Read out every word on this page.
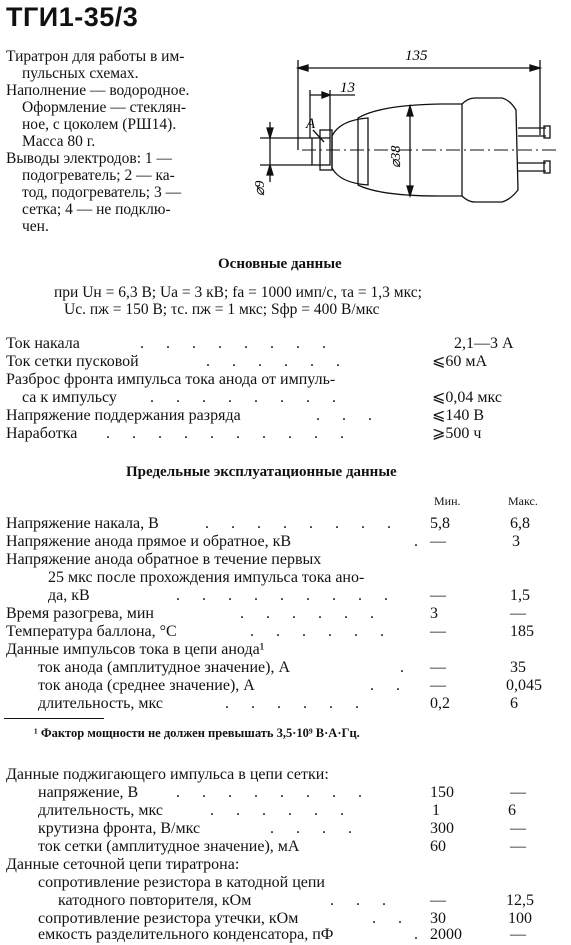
ТГИ1-35/3
Тиратрон для работы в им-
пульсных схемах.
Наполнение — водородное.
Оформление — стеклян-
ное, с цоколем (РШ14).
Масса 80 г.
Выводы электродов: 1 —
подогреватель; 2 — ка-
тод, подогреватель; 3 —
сетка; 4 — не подклю-
чен.
135
13
А
⌀38
⌀9
Основные данные
при Uн = 6,3 В; Uа = 3 кВ; fа = 1000 имп/с, τа = 1,3 мкс;
Uс. пж = 150 В; τс. пж = 1 мкс; Sфр = 400 В/мкс
Ток накала	. . . . . . . .	2,1—3 А
Ток сетки пусковой	. . . . . .	⩽60 мА
Разброс фронта импульса тока анода от импуль-
са к импульсу . . . . . . . .	⩽0,04 мкс
Напряжение поддержания разряда	. . .	⩽140 В
Наработка . . . . . . . . . .	⩾500 ч
Предельные эксплуатационные данные
Мин.	Макс.
Напряжение накала, В	. . . . . . . . 5,8	6,8
Напряжение анода прямое и обратное, кВ	. —	3
Напряжение анода обратное в течение первых
25 мкс после прохождения импульса тока ано-
да, кВ	. . . . . . . . . —	1,5
Время разогрева, мин	. . . . . .	3	—
Температура баллона, °С	. . . . . . —	185
Данные импульсов тока в цепи анода¹
ток анода (амплитудное значение), А	. —	35
ток анода (среднее значение), А	. . —	0,045
длительность, мкс	. . . . . .	0,2	6
¹ Фактор мощности не должен превышать 3,5·10⁹ В·А·Гц.
Данные поджигающего импульса в цепи сетки:
напряжение, В . . . . . . . .	150	—
длительность, мкс	. . . . . .	1	6
крутизна фронта, В/мкс	. . . .	300	—
ток сетки (амплитудное значение), мА	60	—
Данные сеточной цепи тиратрона:
сопротивление резистора в катодной цепи
катодного повторителя, кОм	. . . —	12,5
сопротивление резистора утечки, кОм	. . 30	100
емкость разделительного конденсатора, пФ	. 2000	—
